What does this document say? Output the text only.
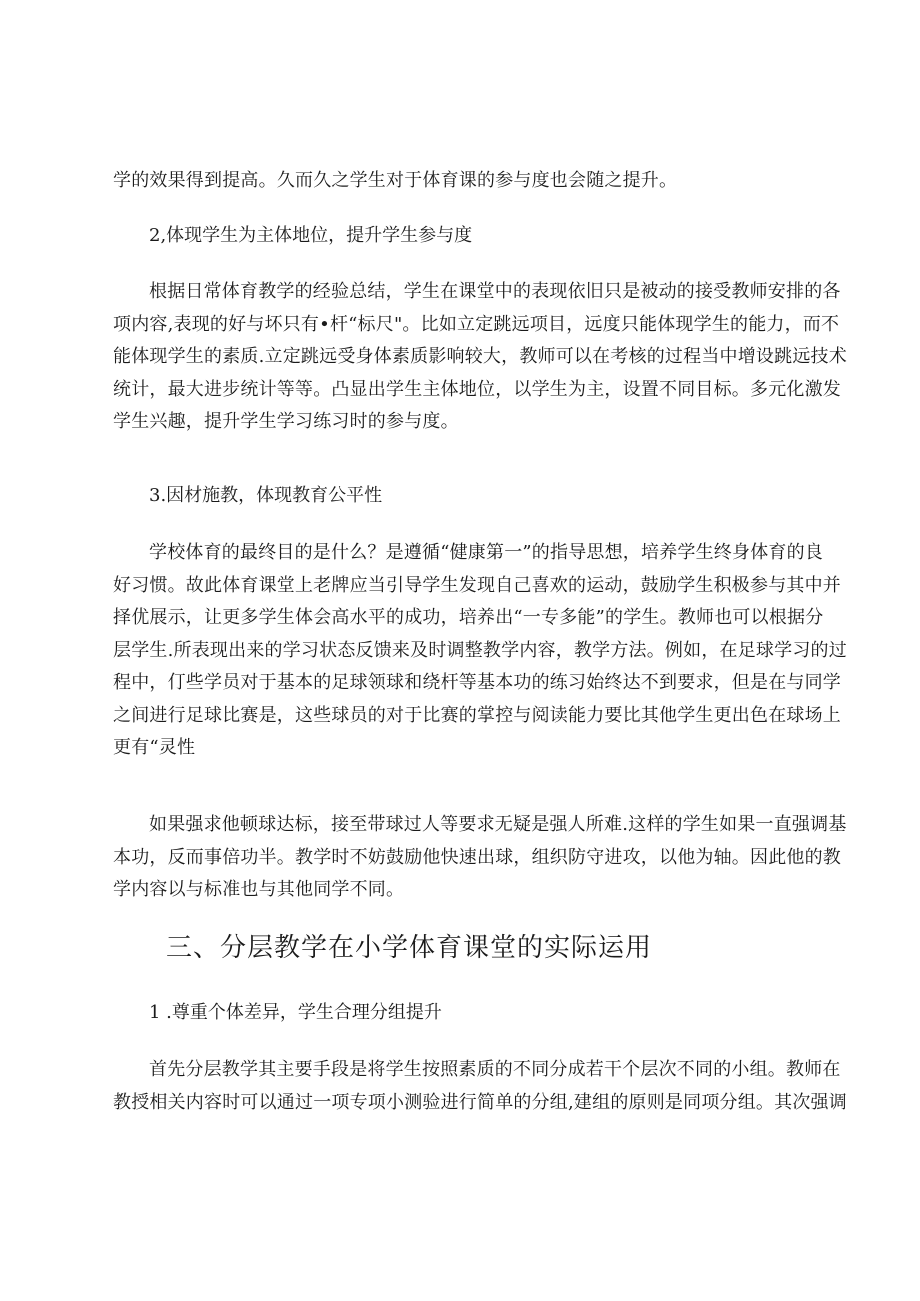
学的效果得到提高。久而久之学生对于体育课的参与度也会随之提升。
2,体现学生为主体地位，提升学生参与度
根据日常体育教学的经验总结，学生在课堂中的表现依旧只是被动的接受教师安排的各
项内容,表现的好与坏只有•杆“标尺"。比如立定跳远项目，远度只能体现学生的能力，而不
能体现学生的素质.立定跳远受身体素质影响较大，教师可以在考核的过程当中增设跳远技术
统计，最大进步统计等等。凸显出学生主体地位，以学生为主，设置不同目标。多元化激发
学生兴趣，提升学生学习练习时的参与度。
3.因材施教，体现教育公平性
学校体育的最终目的是什么？是遵循“健康第一”的指导思想，培养学生终身体育的良
好习惯。故此体育课堂上老牌应当引导学生发现自己喜欢的运动，鼓励学生积极参与其中并
择优展示，让更多学生体会高水平的成功，培养出“一专多能”的学生。教师也可以根据分
层学生.所表现出来的学习状态反馈来及时调整教学内容，教学方法。例如，在足球学习的过
程中，仃些学员对于基本的足球领球和绕杆等基本功的练习始终达不到要求，但是在与同学
之间进行足球比赛是，这些球员的对于比赛的掌控与阅读能力要比其他学生更出色在球场上
更有“灵性
如果强求他顿球达标，接至带球过人等要求无疑是强人所难.这样的学生如果一直强调基
本功，反而事倍功半。教学时不妨鼓励他快速出球，组织防守进攻，以他为轴。因此他的教
学内容以与标准也与其他同学不同。
三、分层教学在小学体育课堂的实际运用
1 .尊重个体差异，学生合理分组提升
首先分层教学其主要手段是将学生按照素质的不同分成若干个层次不同的小组。教师在
教授相关内容时可以通过一项专项小测验进行简单的分组,建组的原则是同项分组。其次强调
